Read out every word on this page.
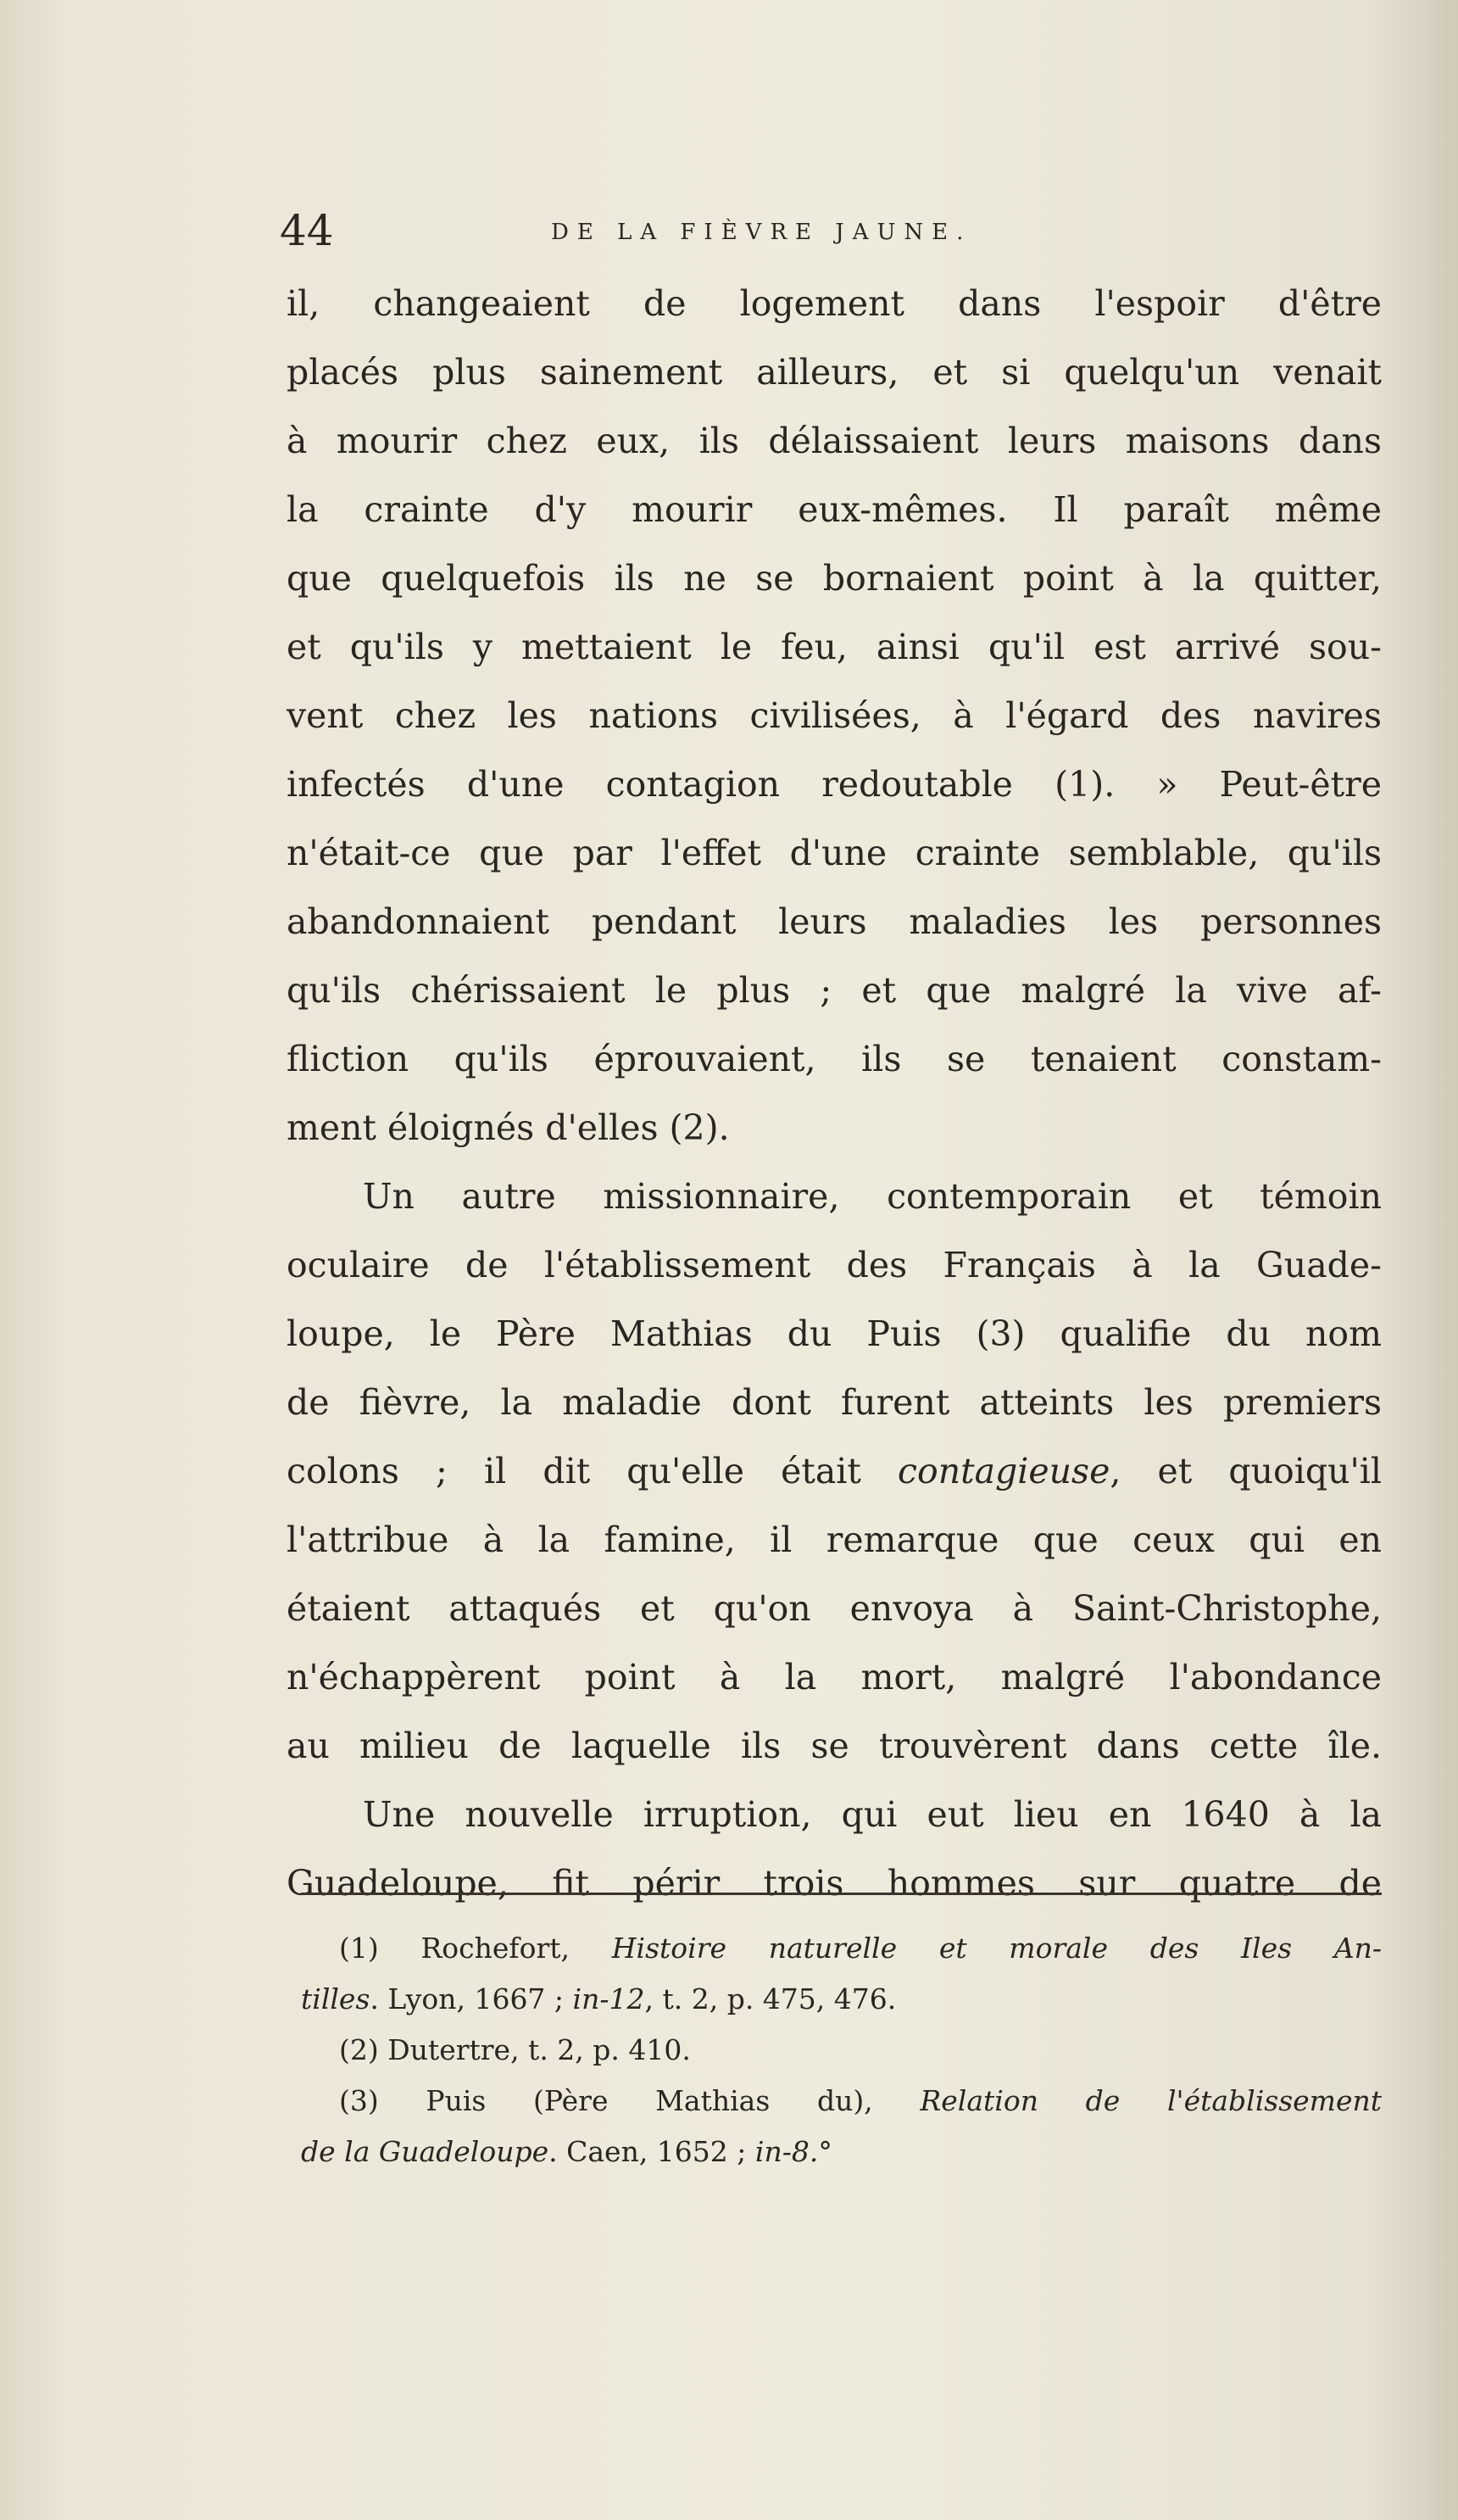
44	DE LA FIÈVRE JAUNE.
il, changeaient de logement dans l'espoir d'être
placés plus sainement ailleurs, et si quelqu'un venait
à mourir chez eux, ils délaissaient leurs maisons dans
la crainte d'y mourir eux-mêmes. Il paraît même
que quelquefois ils ne se bornaient point à la quitter,
et qu'ils y mettaient le feu, ainsi qu'il est arrivé sou-
vent chez les nations civilisées, à l'égard des navires
infectés d'une contagion redoutable (1). » Peut-être
n'était-ce que par l'effet d'une crainte semblable, qu'ils
abandonnaient pendant leurs maladies les personnes
qu'ils chérissaient le plus ; et que malgré la vive af-
fliction qu'ils éprouvaient, ils se tenaient constam-
ment éloignés d'elles (2).
Un autre missionnaire, contemporain et témoin
oculaire de l'établissement des Français à la Guade-
loupe, le Père Mathias du Puis (3) qualifie du nom
de fièvre, la maladie dont furent atteints les premiers
colons ; il dit qu'elle était contagieuse, et quoiqu'il
l'attribue à la famine, il remarque que ceux qui en
étaient attaqués et qu'on envoya à Saint-Christophe,
n'échappèrent point à la mort, malgré l'abondance
au milieu de laquelle ils se trouvèrent dans cette île.
Une nouvelle irruption, qui eut lieu en 1640 à la
Guadeloupe, fit périr trois hommes sur quatre de
(1) Rochefort, Histoire naturelle et morale des Iles An-
tilles. Lyon, 1667 ; in-12, t. 2, p. 475, 476.
(2) Dutertre, t. 2, p. 410.
(3) Puis (Père Mathias du), Relation de l'établissement
de la Guadeloupe. Caen, 1652 ; in-8.°
